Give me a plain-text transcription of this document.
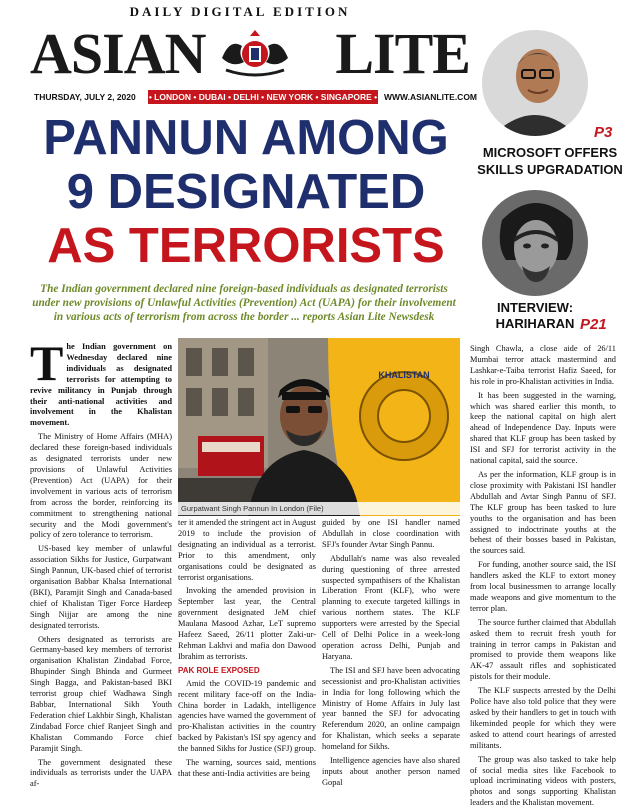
DAILY DIGITAL EDITION
ASIAN LITE
THURSDAY, JULY 2, 2020 • LONDON • DUBAI • DELHI • NEW YORK • SINGAPORE • WWW.ASIANLITE.COM
PANNUN AMONG
9 DESIGNATED
AS TERRORISTS
P3
MICROSOFT OFFERS SKILLS UPGRADATION
INTERVIEW: HARIHARAN P21
The Indian government declared nine foreign-based individuals as designated terrorists under new provisions of Unlawful Activities (Prevention) Act (UAPA) for their involvement in various acts of terrorism from across the border ... reports Asian Lite Newsdesk
KHALISTAN
Gurpatwant Singh Pannun In London (File)

The Indian government on Wednesday declared nine individuals as designated terrorists for attempting to revive militancy in Punjab through their anti-national activities and involvement in the Khalistan movement.

The Ministry of Home Affairs (MHA) declared these foreign-based individuals as designated terrorists under new provisions of Unlawful Activities (Prevention) Act (UAPA) for their involvement in various acts of terrorism from across the border, reinforcing its commitment to strengthening national security and the Modi government's policy of zero tolerance to terrorism.

US-based key member of unlawful association Sikhs for Justice, Gurpatwant Singh Pannun, UK-based chief of terrorist organisation Babbar Khalsa International (BKI), Paramjit Singh and Canada-based chief of Khalistan Tiger Force Hardeep Singh Nijjar are among the nine designated terrorists.

Others designated as terrorists are Germany-based key members of terrorist organisation Khalistan Zindabad Force, Bhupinder Singh Bhinda and Gurmeet Singh Bagga, and Pakistan-based BKI terrorist group chief Wadhawa Singh Babbar, International Sikh Youth Federation chief Lakhbir Singh, Khalistan Zindabad Force chief Ranjeet Singh and Khalistan Commando Force chief Paramjit Singh.

The government designated these individuals as terrorists under the UAPA af-

ter it amended the stringent act in August 2019 to include the provision of designating an individual as a terrorist. Prior to this amendment, only organisations could be designated as terrorist organisations.

Invoking the amended provision in September last year, the Central government designated JeM chief Maulana Masood Azhar, LeT supremo Hafeez Saeed, 26/11 plotter Zaki-ur-Rehman Lakhvi and mafia don Dawood Ibrahim as terrorists.

PAK ROLE EXPOSED

Amid the COVID-19 pandemic and recent military face-off on the India-China border in Ladakh, intelligence agencies have warned the government of pro-Khalistan activities in the country backed by Pakistan's ISI spy agency and the banned Sikhs for Justice (SFJ) group.

The warning, sources said, mentions that these anti-India activities are being

guided by one ISI handler named Abdullah in close coordination with SFJ's founder Avtar Singh Pannu.

Abdullah's name was also revealed during questioning of three arrested suspected sympathisers of the Khalistan Liberation Front (KLF), who were planning to execute targeted killings in various northern states. The KLF supporters were arrested by the Special Cell of Delhi Police in a week-long operation across Delhi, Punjab and Haryana.

The ISI and SFJ have been advocating secessionist and pro-Khalistan activities in India for long following which the Ministry of Home Affairs in July last year banned the SFJ for advocating Referendum 2020, an online campaign for Khalistan, which seeks a separate homeland for Sikhs.

Intelligence agencies have also shared inputs about another person named Gopal

Singh Chawla, a close aide of 26/11 Mumbai terror attack mastermind and Lashkar-e-Taiba terrorist Hafiz Saeed, for his role in pro-Khalistan activities in India.

It has been suggested in the warning, which was shared earlier this month, to keep the national capital on high alert ahead of Independence Day. Inputs were shared that KLF group has been tasked by ISI and SFJ for terrorist activity in the national capital, said the source.

As per the information, KLF group is in close proximity with Pakistani ISI handler Abdullah and Avtar Singh Pannu of SFJ. The KLF group has been tasked to lure youths to the organisation and has been assigned to indoctrinate youths at the behest of their bosses based in Pakistan, the sources said.

For funding, another source said, the ISI handlers asked the KLF to extort money from local businessmen to arrange locally made weapons and give momentum to the terror plan.

The source further claimed that Abdullah asked them to recruit fresh youth for training in terror camps in Pakistan and promised to provide them weapons like AK-47 assault rifles and sophisticated pistols for their module.

The KLF suspects arrested by the Delhi Police have also told police that they were asked by their handlers to get in touch with likeminded people for which they were asked to attend court hearings of arrested militants.

The group was also tasked to take help of social media sites like Facebook to upload incriminating videos with posters, photos and songs supporting Khalistan leaders and the Khalistan movement.
